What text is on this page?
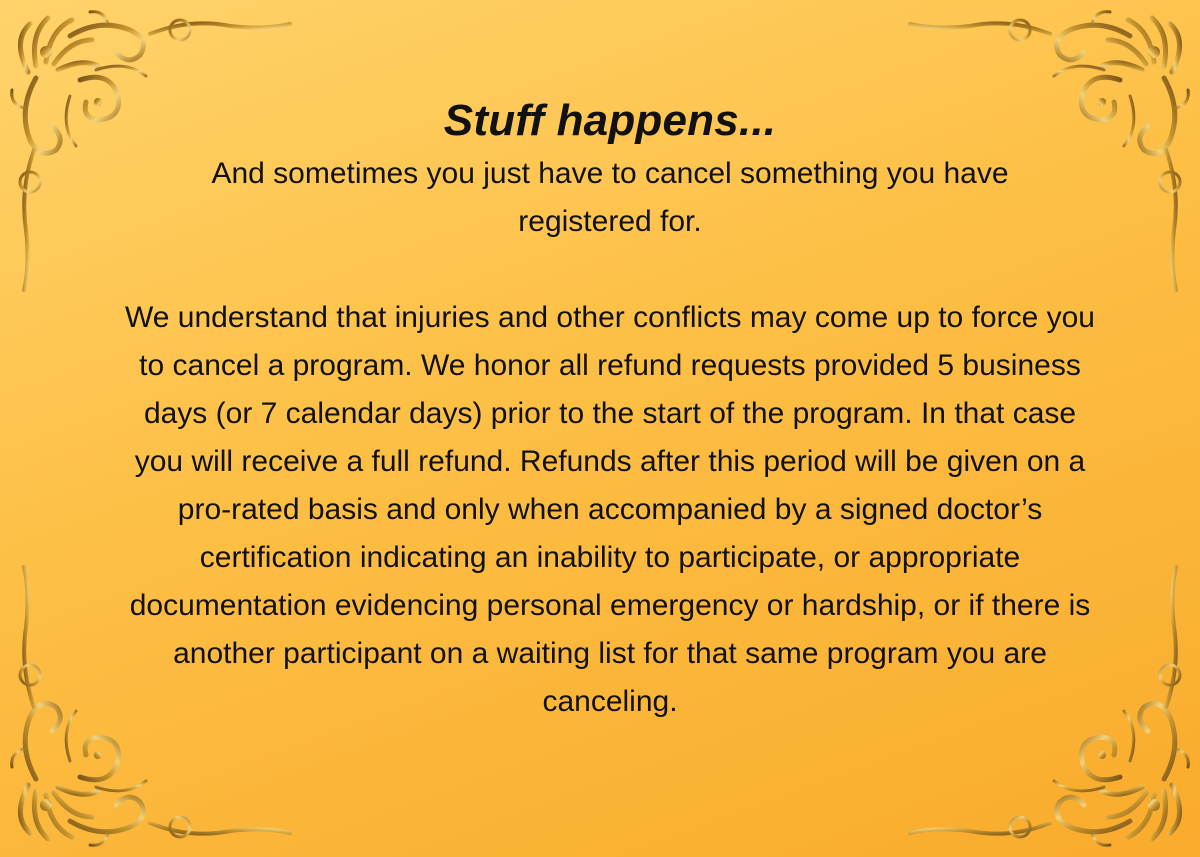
Stuff happens...

And sometimes you just have to cancel something you have registered for.

We understand that injuries and other conflicts may come up to force you to cancel a program. We honor all refund requests provided 5 business days (or 7 calendar days) prior to the start of the program. In that case you will receive a full refund. Refunds after this period will be given on a pro-rated basis and only when accompanied by a signed doctor’s certification indicating an inability to participate, or appropriate documentation evidencing personal emergency or hardship, or if there is another participant on a waiting list for that same program you are canceling.
